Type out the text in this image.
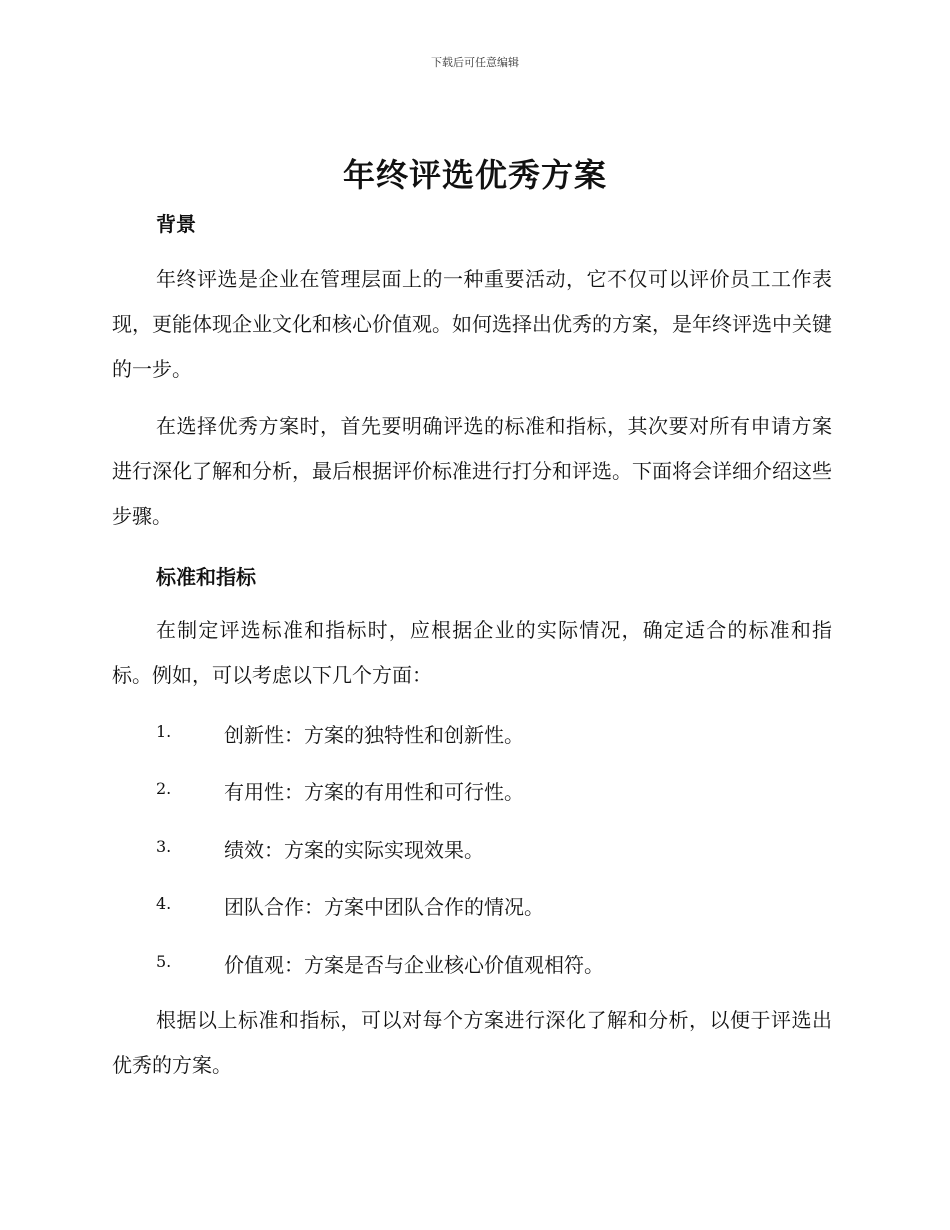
下载后可任意编辑
年终评选优秀方案
背景

年终评选是企业在管理层面上的一种重要活动，它不仅可以评价员工工作表现，更能体现企业文化和核心价值观。如何选择出优秀的方案，是年终评选中关键的一步。

在选择优秀方案时，首先要明确评选的标准和指标，其次要对所有申请方案进行深化了解和分析，最后根据评价标准进行打分和评选。下面将会详细介绍这些步骤。

标准和指标

在制定评选标准和指标时，应根据企业的实际情况，确定适合的标准和指标。例如，可以考虑以下几个方面：

1.	创新性：方案的独特性和创新性。
2.	有用性：方案的有用性和可行性。
3.	绩效：方案的实际实现效果。
4.	团队合作：方案中团队合作的情况。
5.	价值观：方案是否与企业核心价值观相符。

根据以上标准和指标，可以对每个方案进行深化了解和分析，以便于评选出优秀的方案。
